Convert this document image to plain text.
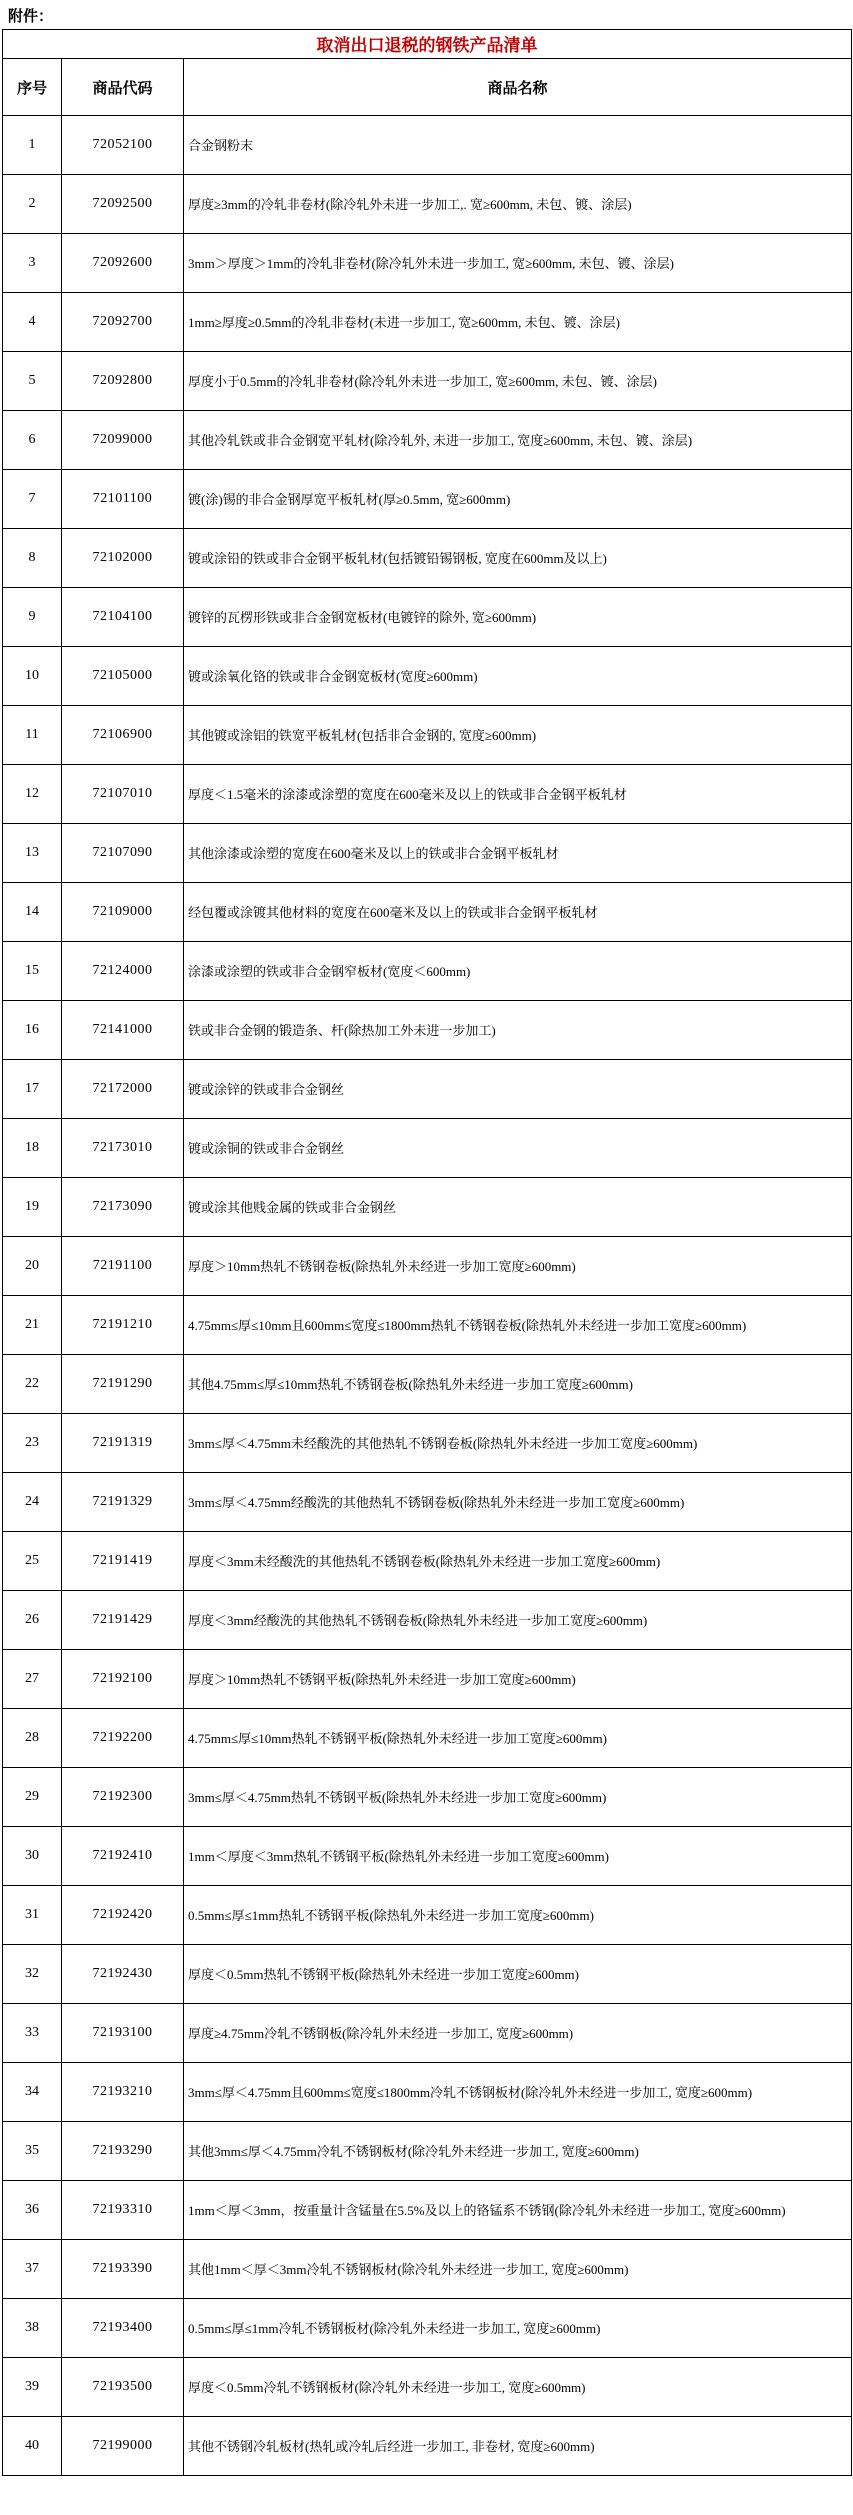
附件：
取消出口退税的钢铁产品清单		
序号	商品代码	商品名称
1	72052100	合金钢粉末
2	72092500	厚度≥3mm的冷轧非卷材(除冷轧外未进一步加工,. 宽≥600mm, 未包、镀、涂层)
3	72092600	3mm＞厚度＞1mm的冷轧非卷材(除冷轧外未进一步加工, 宽≥600mm, 未包、镀、涂层)
4	72092700	1mm≥厚度≥0.5mm的冷轧非卷材(未进一步加工, 宽≥600mm, 未包、镀、涂层)
5	72092800	厚度小于0.5mm的冷轧非卷材(除冷轧外未进一步加工, 宽≥600mm, 未包、镀、涂层)
6	72099000	其他冷轧铁或非合金钢宽平轧材(除冷轧外, 未进一步加工, 宽度≥600mm, 未包、镀、涂层)
7	72101100	镀(涂)锡的非合金钢厚宽平板轧材(厚≥0.5mm, 宽≥600mm)
8	72102000	镀或涂铅的铁或非合金钢平板轧材(包括镀铅锡钢板, 宽度在600mm及以上)
9	72104100	镀锌的瓦楞形铁或非合金钢宽板材(电镀锌的除外, 宽≥600mm)
10	72105000	镀或涂氧化铬的铁或非合金钢宽板材(宽度≥600mm)
11	72106900	其他镀或涂铝的铁宽平板轧材(包括非合金钢的, 宽度≥600mm)
12	72107010	厚度＜1.5毫米的涂漆或涂塑的宽度在600毫米及以上的铁或非合金钢平板轧材
13	72107090	其他涂漆或涂塑的宽度在600毫米及以上的铁或非合金钢平板轧材
14	72109000	经包覆或涂镀其他材料的宽度在600毫米及以上的铁或非合金钢平板轧材
15	72124000	涂漆或涂塑的铁或非合金钢窄板材(宽度＜600mm)
16	72141000	铁或非合金钢的锻造条、杆(除热加工外未进一步加工)
17	72172000	镀或涂锌的铁或非合金钢丝
18	72173010	镀或涂铜的铁或非合金钢丝
19	72173090	镀或涂其他贱金属的铁或非合金钢丝
20	72191100	厚度＞10mm热轧不锈钢卷板(除热轧外未经进一步加工宽度≥600mm)
21	72191210	4.75mm≤厚≤10mm且600mm≤宽度≤1800mm热轧不锈钢卷板(除热轧外未经进一步加工宽度≥600mm)
22	72191290	其他4.75mm≤厚≤10mm热轧不锈钢卷板(除热轧外未经进一步加工宽度≥600mm)
23	72191319	3mm≤厚＜4.75mm未经酸洗的其他热轧不锈钢卷板(除热轧外未经进一步加工宽度≥600mm)
24	72191329	3mm≤厚＜4.75mm经酸洗的其他热轧不锈钢卷板(除热轧外未经进一步加工宽度≥600mm)
25	72191419	厚度＜3mm未经酸洗的其他热轧不锈钢卷板(除热轧外未经进一步加工宽度≥600mm)
26	72191429	厚度＜3mm经酸洗的其他热轧不锈钢卷板(除热轧外未经进一步加工宽度≥600mm)
27	72192100	厚度＞10mm热轧不锈钢平板(除热轧外未经进一步加工宽度≥600mm)
28	72192200	4.75mm≤厚≤10mm热轧不锈钢平板(除热轧外未经进一步加工宽度≥600mm)
29	72192300	3mm≤厚＜4.75mm热轧不锈钢平板(除热轧外未经进一步加工宽度≥600mm)
30	72192410	1mm＜厚度＜3mm热轧不锈钢平板(除热轧外未经进一步加工宽度≥600mm)
31	72192420	0.5mm≤厚≤1mm热轧不锈钢平板(除热轧外未经进一步加工宽度≥600mm)
32	72192430	厚度＜0.5mm热轧不锈钢平板(除热轧外未经进一步加工宽度≥600mm)
33	72193100	厚度≥4.75mm冷轧不锈钢板(除冷轧外未经进一步加工, 宽度≥600mm)
34	72193210	3mm≤厚＜4.75mm且600mm≤宽度≤1800mm冷轧不锈钢板材(除冷轧外未经进一步加工, 宽度≥600mm)
35	72193290	其他3mm≤厚＜4.75mm冷轧不锈钢板材(除冷轧外未经进一步加工, 宽度≥600mm)
36	72193310	1mm＜厚＜3mm，按重量计含锰量在5.5%及以上的铬锰系不锈钢(除冷轧外未经进一步加工, 宽度≥600mm)
37	72193390	其他1mm＜厚＜3mm冷轧不锈钢板材(除冷轧外未经进一步加工, 宽度≥600mm)
38	72193400	0.5mm≤厚≤1mm冷轧不锈钢板材(除冷轧外未经进一步加工, 宽度≥600mm)
39	72193500	厚度＜0.5mm冷轧不锈钢板材(除冷轧外未经进一步加工, 宽度≥600mm)
40	72199000	其他不锈钢冷轧板材(热轧或冷轧后经进一步加工, 非卷材, 宽度≥600mm)
